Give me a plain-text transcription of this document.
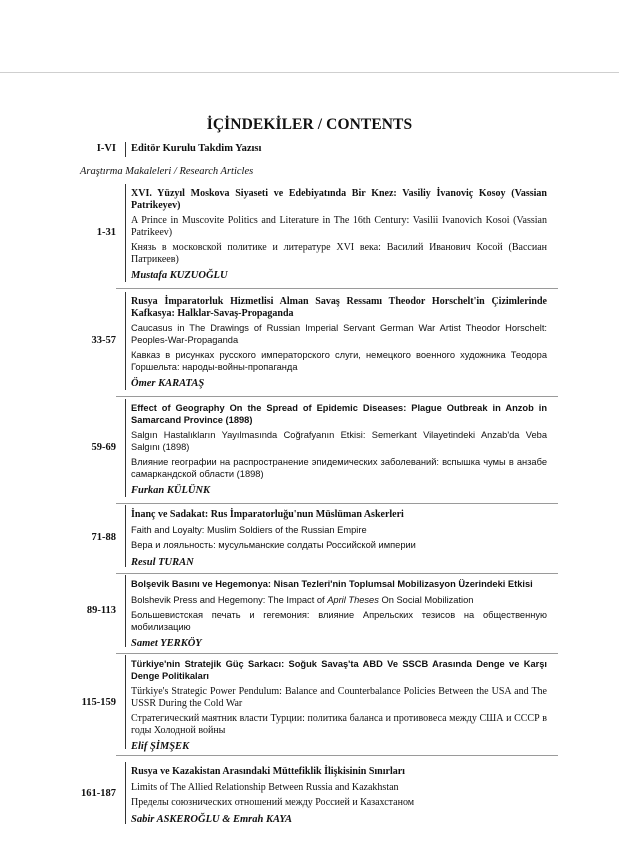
İÇİNDEKİLER / CONTENTS
I-VI Editör Kurulu Takdim Yazısı
Araştırma Makaleleri / Research Articles
1-31

XVI. Yüzyıl Moskova Siyaseti ve Edebiyatında Bir Knez: Vasiliy İvanoviç Kosoy (Vassian Patrikeyev)

A Prince in Muscovite Politics and Literature in The 16th Century: Vasilii Ivanovich Kosoi (Vassian Patrikeev)

Князь в московской политике и литературе XVI века: Василий Иванович Косой (Вассиан Патрикеев)

Mustafa KUZUOĞLU

33-57

Rusya İmparatorluk Hizmetlisi Alman Savaş Ressamı Theodor Horschelt'in Çizimlerinde Kafkasya: Halklar-Savaş-Propaganda

Caucasus in The Drawings of Russian Imperial Servant German War Artist Theodor Horschelt: Peoples-War-Propaganda

Кавказ в рисунках русского императорского слуги, немецкого военного художника Теодора Горшельта: народы-войны-пропаганда

Ömer KARATAŞ

59-69

Effect of Geography On the Spread of Epidemic Diseases: Plague Outbreak in Anzob in Samarcand Province (1898)

Salgın Hastalıkların Yayılmasında Coğrafyanın Etkisi: Semerkant Vilayetindeki Anzab'da Veba Salgını (1898)

Влияние географии на распространение эпидемических заболеваний: вспышка чумы в анзабе самаркандской области (1898)

Furkan KÜLÜNK

71-88

İnanç ve Sadakat: Rus İmparatorluğu'nun Müslüman Askerleri

Faith and Loyalty: Muslim Soldiers of the Russian Empire

Вера и лояльность: мусульманские солдаты Российской империи

Resul TURAN

89-113

Bolşevik Basını ve Hegemonya: Nisan Tezleri'nin Toplumsal Mobilizasyon Üzerindeki Etkisi

Bolshevik Press and Hegemony: The Impact of April Theses On Social Mobilization

Большевистская печать и гегемония: влияние Апрельских тезисов на общественную мобилизацию

Samet YERKÖY

115-159

Türkiye'nin Stratejik Güç Sarkacı: Soğuk Savaş'ta ABD Ve SSCB Arasında Denge ve Karşı Denge Politikaları

Türkiye's Strategic Power Pendulum: Balance and Counterbalance Policies Between the USA and The USSR During the Cold War

Стратегический маятник власти Турции: политика баланса и противовеса между США и СССР в годы Холодной войны

Elif ŞİMŞEK

161-187

Rusya ve Kazakistan Arasındaki Müttefiklik İlişkisinin Sınırları

Limits of The Allied Relationship Between Russia and Kazakhstan

Пределы союзнических отношений между Россией и Казахстаном

Sabir ASKEROĞLU & Emrah KAYA
